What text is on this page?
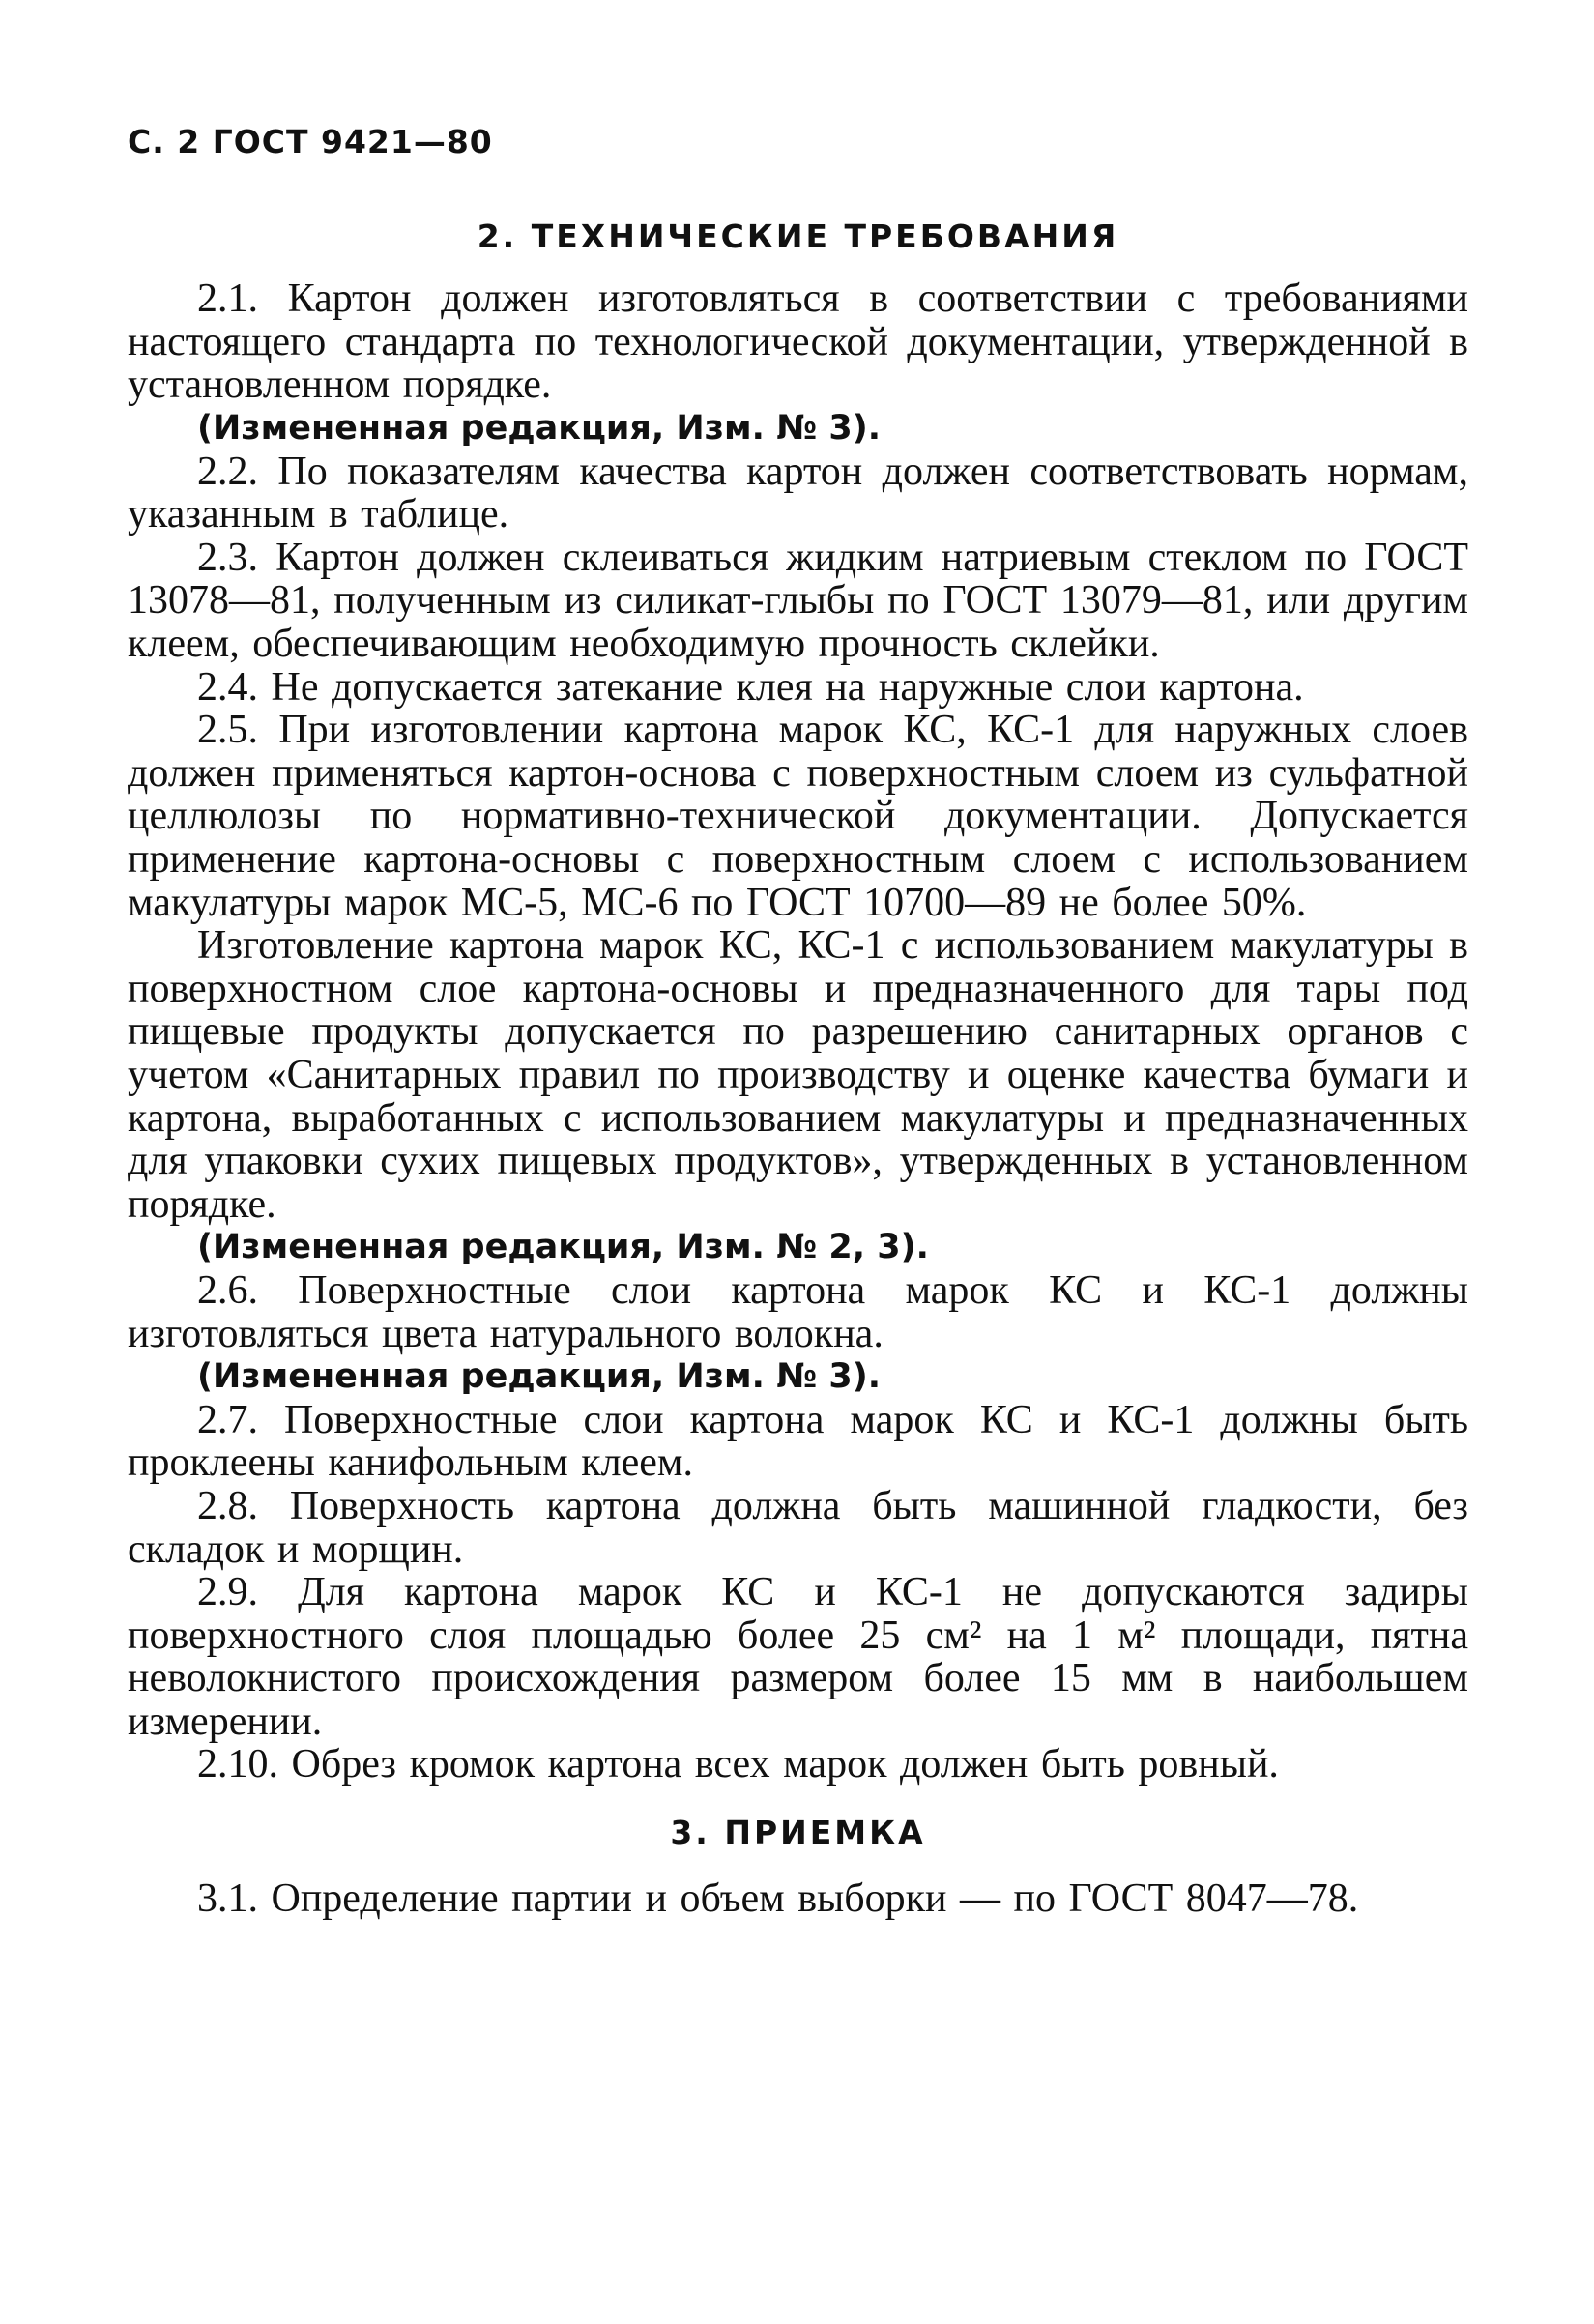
С. 2 ГОСТ 9421—80
2. ТЕХНИЧЕСКИЕ ТРЕБОВАНИЯ

2.1. Картон должен изготовляться в соответствии с требованиями настоящего стандарта по технологической документации, утвержденной в установленном порядке.

(Измененная редакция, Изм. № 3).

2.2. По показателям качества картон должен соответствовать нормам, указанным в таблице.

2.3. Картон должен склеиваться жидким натриевым стеклом по ГОСТ 13078—81, полученным из силикат-глыбы по ГОСТ 13079—81, или другим клеем, обеспечивающим необходимую прочность склейки.

2.4. Не допускается затекание клея на наружные слои картона.

2.5. При изготовлении картона марок КС, КС-1 для наружных слоев должен применяться картон-основа с поверхностным слоем из сульфатной целлюлозы по нормативно-технической документации. Допускается применение картона-основы с поверхностным слоем с использованием макулатуры марок МС-5, МС-6 по ГОСТ 10700—89 не более 50%.

Изготовление картона марок КС, КС-1 с использованием макулатуры в поверхностном слое картона-основы и предназначенного для тары под пищевые продукты допускается по разрешению санитарных органов с учетом «Санитарных правил по производству и оценке качества бумаги и картона, выработанных с использованием макулатуры и предназначенных для упаковки сухих пищевых продуктов», утвержденных в установленном порядке.

(Измененная редакция, Изм. № 2, 3).

2.6. Поверхностные слои картона марок КС и КС-1 должны изготовляться цвета натурального волокна.

(Измененная редакция, Изм. № 3).

2.7. Поверхностные слои картона марок КС и КС-1 должны быть проклеены канифольным клеем.

2.8. Поверхность картона должна быть машинной гладкости, без складок и морщин.

2.9. Для картона марок КС и КС-1 не допускаются задиры поверхностного слоя площадью более 25 см² на 1 м² площади, пятна неволокнистого происхождения размером более 15 мм в наибольшем измерении.

2.10. Обрез кромок картона всех марок должен быть ровный.

3. ПРИЕМКА

3.1. Определение партии и объем выборки — по ГОСТ 8047—78.
